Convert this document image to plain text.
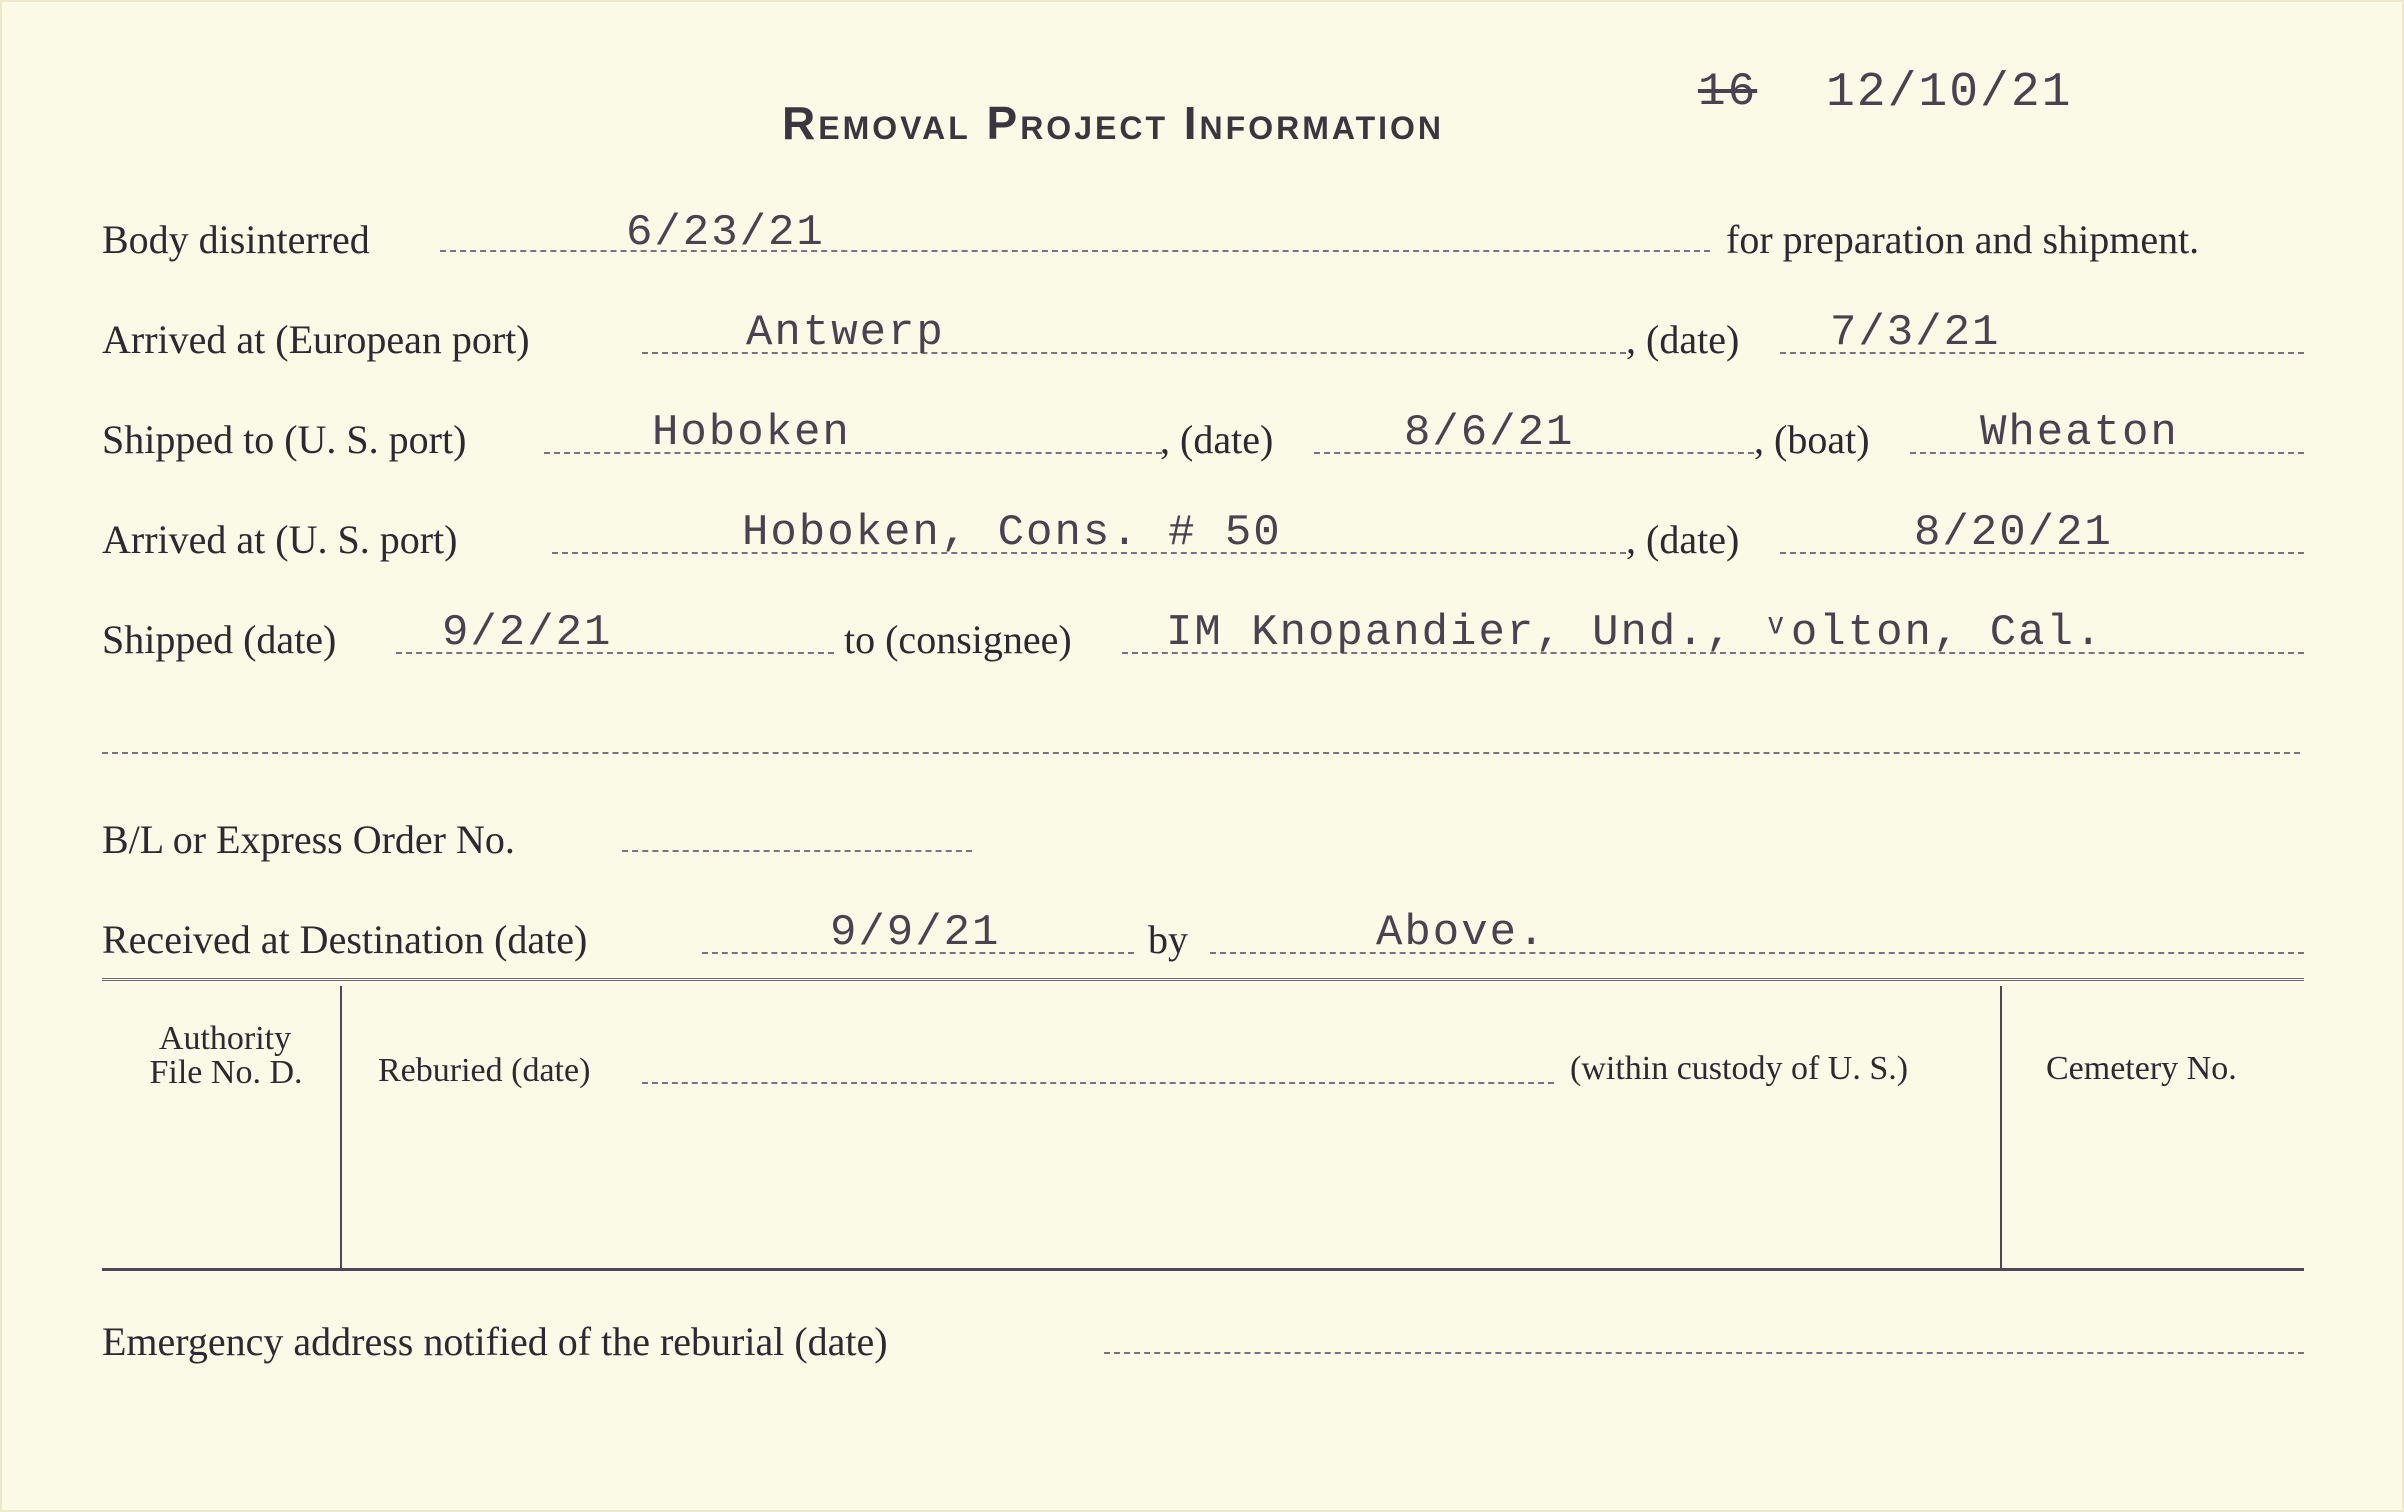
Removal Project Information
16 12/10/21
Body disinterred	6/23/21	for preparation and shipment.
Arrived at (European port)	Antwerp	, (date) 7/3/21
Shipped to (U. S. port)	Hoboken	, (date)	8/6/21	, (boat)	Wheaton
Arrived at (U. S. port)	Hoboken, Cons. # 50	, (date)	8/20/21
Shipped (date) 9/2/21	to (consignee) IM Knopandier, Und., ᵛolton, Cal.
B/L or Express Order No.
Received at Destination (date)	9/9/21	by	Above.
Authority
File No. D.	Reburied (date)	(within custody of U. S.)	Cemetery No.
Emergency address notified of the reburial (date)
